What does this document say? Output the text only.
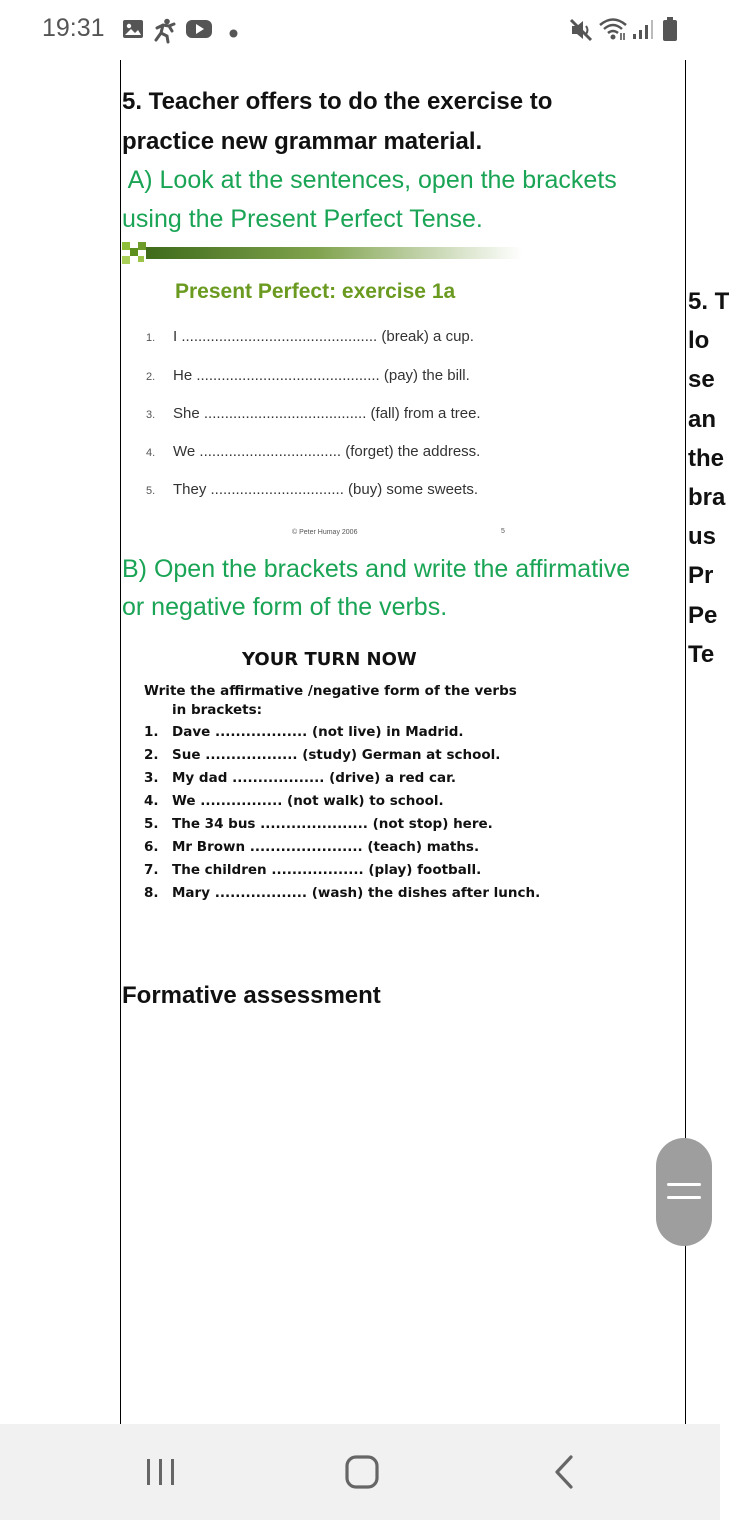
19:31

5. Teacher offers to do the exercise to

practice new grammar material.

A) Look at the sentences, open the brackets

using the Present Perfect Tense.

Present Perfect: exercise 1a
1. I ............................................... (break) a cup.
2. He ............................................ (pay) the bill.
3. She ....................................... (fall) from a tree.
4. We .................................. (forget) the address.
5. They ................................ (buy) some sweets.
© Peter Humay 2006	5

B) Open the brackets and write the affirmative

or negative form of the verbs.

YOUR TURN NOW
Write the affirmative /negative form of the verbs
in brackets:
1. Dave .................. (not live) in Madrid.
2. Sue .................. (study) German at school.
3. My dad .................. (drive) a red car.
4. We ................ (not walk) to school.
5. The 34 bus ..................... (not stop) here.
6. Mr Brown ...................... (teach) maths.
7. The children .................. (play) football.
8. Mary .................. (wash) the dishes after lunch.
Formative assessment
5. T
lo
se
an
the
bra
us
Pr
Pe
Te
